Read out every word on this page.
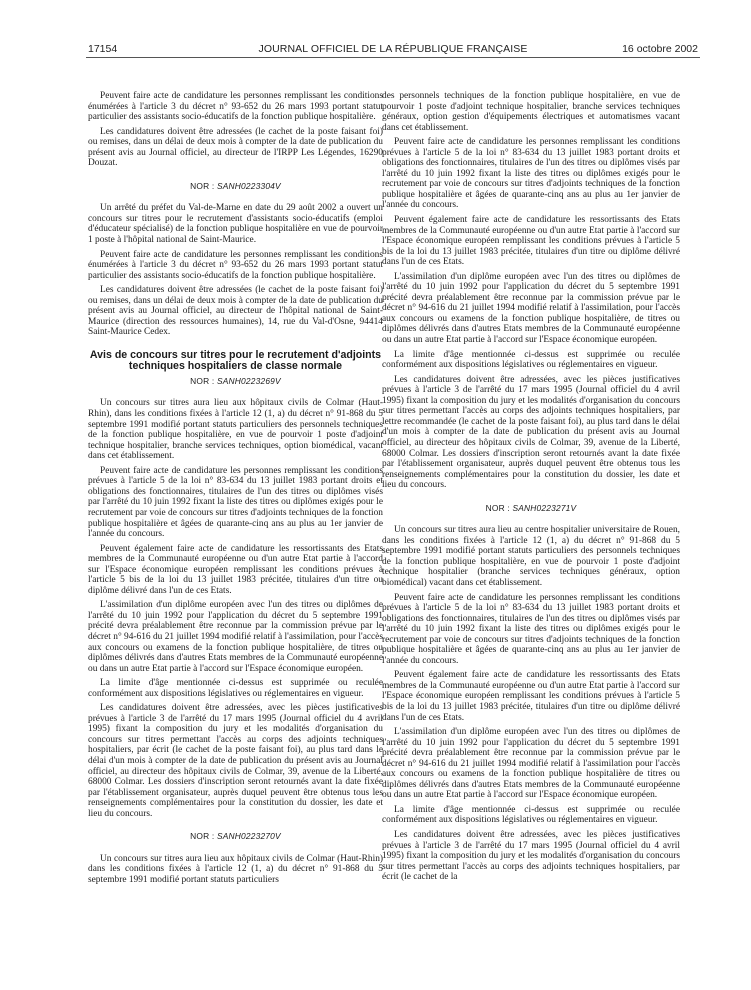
17154	JOURNAL OFFICIEL DE LA RÉPUBLIQUE FRANÇAISE	16 octobre 2002

Peuvent faire acte de candidature les personnes remplissant les conditions énumérées à l'article 3 du décret n° 93-652 du 26 mars 1993 portant statut particulier des assistants socio-éducatifs de la fonction publique hospitalière.

Les candidatures doivent être adressées (le cachet de la poste faisant foi) ou remises, dans un délai de deux mois à compter de la date de publication du présent avis au Journal officiel, au directeur de l'IRPP Les Légendes, 16290 Douzat.

NOR : SANH0223304V

Un arrêté du préfet du Val-de-Marne en date du 29 août 2002 a ouvert un concours sur titres pour le recrutement d'assistants socio-éducatifs (emploi d'éducateur spécialisé) de la fonction publique hospitalière en vue de pourvoir 1 poste à l'hôpital national de Saint-Maurice.

Peuvent faire acte de candidature les personnes remplissant les conditions énumérées à l'article 3 du décret n° 93-652 du 26 mars 1993 portant statut particulier des assistants socio-éducatifs de la fonction publique hospitalière.

Les candidatures doivent être adressées (le cachet de la poste faisant foi) ou remises, dans un délai de deux mois à compter de la date de publication du présent avis au Journal officiel, au directeur de l'hôpital national de Saint-Maurice (direction des ressources humaines), 14, rue du Val-d'Osne, 94414 Saint-Maurice Cedex.

Avis de concours sur titres pour le recrutement d'adjoints techniques hospitaliers de classe normale

NOR : SANH0223269V

Un concours sur titres aura lieu aux hôpitaux civils de Colmar (Haut-Rhin), dans les conditions fixées à l'article 12 (1, a) du décret n° 91-868 du 5 septembre 1991 modifié portant statuts particuliers des personnels techniques de la fonction publique hospitalière, en vue de pourvoir 1 poste d'adjoint technique hospitalier, branche services techniques, option biomédical, vacant dans cet établissement.

Peuvent faire acte de candidature les personnes remplissant les conditions prévues à l'article 5 de la loi n° 83-634 du 13 juillet 1983 portant droits et obligations des fonctionnaires, titulaires de l'un des titres ou diplômes visés par l'arrêté du 10 juin 1992 fixant la liste des titres ou diplômes exigés pour le recrutement par voie de concours sur titres d'adjoints techniques de la fonction publique hospitalière et âgées de quarante-cinq ans au plus au 1er janvier de l'année du concours.

Peuvent également faire acte de candidature les ressortissants des Etats membres de la Communauté européenne ou d'un autre Etat partie à l'accord sur l'Espace économique européen remplissant les conditions prévues à l'article 5 bis de la loi du 13 juillet 1983 précitée, titulaires d'un titre ou diplôme délivré dans l'un de ces Etats.

L'assimilation d'un diplôme européen avec l'un des titres ou diplômes de l'arrêté du 10 juin 1992 pour l'application du décret du 5 septembre 1991 précité devra préalablement être reconnue par la commission prévue par le décret n° 94-616 du 21 juillet 1994 modifié relatif à l'assimilation, pour l'accès aux concours ou examens de la fonction publique hospitalière, de titres ou diplômes délivrés dans d'autres Etats membres de la Communauté européenne ou dans un autre Etat partie à l'accord sur l'Espace économique européen.

La limite d'âge mentionnée ci-dessus est supprimée ou reculée conformément aux dispositions législatives ou réglementaires en vigueur.

Les candidatures doivent être adressées, avec les pièces justificatives prévues à l'article 3 de l'arrêté du 17 mars 1995 (Journal officiel du 4 avril 1995) fixant la composition du jury et les modalités d'organisation du concours sur titres permettant l'accès au corps des adjoints techniques hospitaliers, par écrit (le cachet de la poste faisant foi), au plus tard dans le délai d'un mois à compter de la date de publication du présent avis au Journal officiel, au directeur des hôpitaux civils de Colmar, 39, avenue de la Liberté, 68000 Colmar. Les dossiers d'inscription seront retournés avant la date fixée par l'établissement organisateur, auprès duquel peuvent être obtenus tous les renseignements complémentaires pour la constitution du dossier, les date et lieu du concours.

NOR : SANH0223270V

Un concours sur titres aura lieu aux hôpitaux civils de Colmar (Haut-Rhin) dans les conditions fixées à l'article 12 (1, a) du décret n° 91-868 du 5 septembre 1991 modifié portant statuts particuliers

des personnels techniques de la fonction publique hospitalière, en vue de pourvoir 1 poste d'adjoint technique hospitalier, branche services techniques généraux, option gestion d'équipements électriques et automatismes vacant dans cet établissement.

Peuvent faire acte de candidature les personnes remplissant les conditions prévues à l'article 5 de la loi n° 83-634 du 13 juillet 1983 portant droits et obligations des fonctionnaires, titulaires de l'un des titres ou diplômes visés par l'arrêté du 10 juin 1992 fixant la liste des titres ou diplômes exigés pour le recrutement par voie de concours sur titres d'adjoints techniques de la fonction publique hospitalière et âgées de quarante-cinq ans au plus au 1er janvier de l'année du concours.

Peuvent également faire acte de candidature les ressortissants des Etats membres de la Communauté européenne ou d'un autre Etat partie à l'accord sur l'Espace économique européen remplissant les conditions prévues à l'article 5 bis de la loi du 13 juillet 1983 précitée, titulaires d'un titre ou diplôme délivré dans l'un de ces Etats.

L'assimilation d'un diplôme européen avec l'un des titres ou diplômes de l'arrêté du 10 juin 1992 pour l'application du décret du 5 septembre 1991 précité devra préalablement être reconnue par la commission prévue par le décret n° 94-616 du 21 juillet 1994 modifié relatif à l'assimilation, pour l'accès aux concours ou examens de la fonction publique hospitalière, de titres ou diplômes délivrés dans d'autres Etats membres de la Communauté européenne ou dans un autre Etat partie à l'accord sur l'Espace économique européen.

La limite d'âge mentionnée ci-dessus est supprimée ou reculée conformément aux dispositions législatives ou réglementaires en vigueur.

Les candidatures doivent être adressées, avec les pièces justificatives prévues à l'article 3 de l'arrêté du 17 mars 1995 (Journal officiel du 4 avril 1995) fixant la composition du jury et les modalités d'organisation du concours sur titres permettant l'accès au corps des adjoints techniques hospitaliers, par lettre recommandée (le cachet de la poste faisant foi), au plus tard dans le délai d'un mois à compter de la date de publication du présent avis au Journal officiel, au directeur des hôpitaux civils de Colmar, 39, avenue de la Liberté, 68000 Colmar. Les dossiers d'inscription seront retournés avant la date fixée par l'établissement organisateur, auprès duquel peuvent être obtenus tous les renseignements complémentaires pour la constitution du dossier, les date et lieu du concours.

NOR : SANH0223271V

Un concours sur titres aura lieu au centre hospitalier universitaire de Rouen, dans les conditions fixées à l'article 12 (1, a) du décret n° 91-868 du 5 septembre 1991 modifié portant statuts particuliers des personnels techniques de la fonction publique hospitalière, en vue de pourvoir 1 poste d'adjoint technique hospitalier (branche services techniques généraux, option biomédical) vacant dans cet établissement.

Peuvent faire acte de candidature les personnes remplissant les conditions prévues à l'article 5 de la loi n° 83-634 du 13 juillet 1983 portant droits et obligations des fonctionnaires, titulaires de l'un des titres ou diplômes visés par l'arrêté du 10 juin 1992 fixant la liste des titres ou diplômes exigés pour le recrutement par voie de concours sur titres d'adjoints techniques de la fonction publique hospitalière et âgées de quarante-cinq ans au plus au 1er janvier de l'année du concours.

Peuvent également faire acte de candidature les ressortissants des Etats membres de la Communauté européenne ou d'un autre Etat partie à l'accord sur l'Espace économique européen remplissant les conditions prévues à l'article 5 bis de la loi du 13 juillet 1983 précitée, titulaires d'un titre ou diplôme délivré dans l'un de ces Etats.

L'assimilation d'un diplôme européen avec l'un des titres ou diplômes de l'arrêté du 10 juin 1992 pour l'application du décret du 5 septembre 1991 précité devra préalablement être reconnue par la commission prévue par le décret n° 94-616 du 21 juillet 1994 modifié relatif à l'assimilation pour l'accès aux concours ou examens de la fonction publique hospitalière de titres ou diplômes délivrés dans d'autres Etats membres de la Communauté européenne ou dans un autre Etat partie à l'accord sur l'Espace économique européen.

La limite d'âge mentionnée ci-dessus est supprimée ou reculée conformément aux dispositions législatives ou réglementaires en vigueur.

Les candidatures doivent être adressées, avec les pièces justificatives prévues à l'article 3 de l'arrêté du 17 mars 1995 (Journal officiel du 4 avril 1995) fixant la composition du jury et les modalités d'organisation du concours sur titres permettant l'accès au corps des adjoints techniques hospitaliers, par écrit (le cachet de la
